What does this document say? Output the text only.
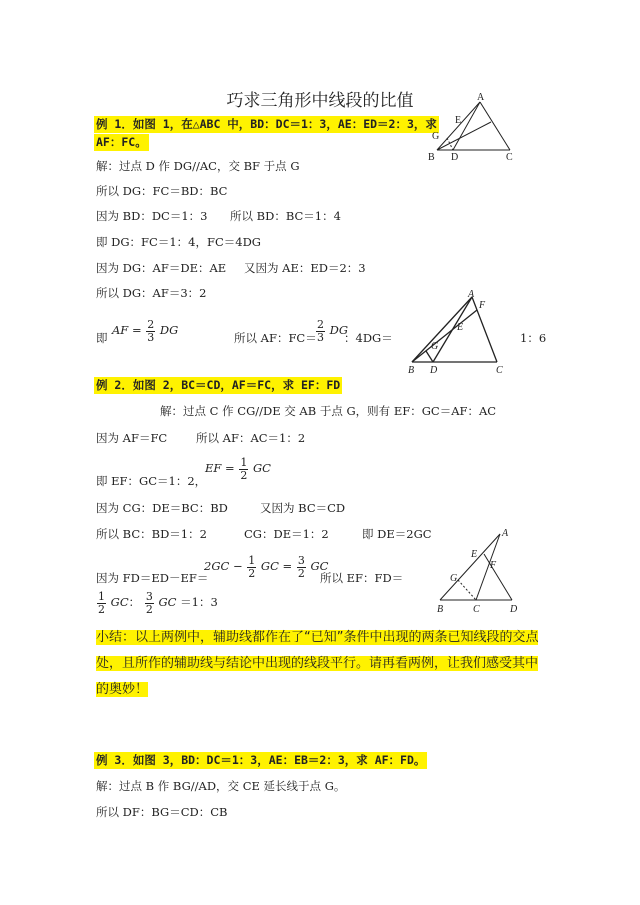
巧求三角形中线段的比值
例 1．如图 1，在△ABC 中，BD：DC＝1：3，AE：ED＝2：3，求
AF：FC。
A
E
G
B D	C
解：过点 D 作 DG//AC，交 BF 于点 G
所以 DG：FC＝BD：BC
因为 BD：DC＝1：3 所以 BD：BC＝1：4
即 DG：FC＝1：4，FC＝4DG
因为 DG：AF＝DE：AE 又因为 AE：ED＝2：3
所以 DG：AF＝3：2
即
AF = $\frac{2}{3}$ DG
所以 AF：$FC= \frac{2}{3}$ DG
：4DG＝	1：6
A
F
E
G
B D	C
例 2．如图 2，BC＝CD，AF＝FC，求 EF：FD
解：过点 C 作 CG//DE 交 AB 于点 G，则有 EF：GC＝AF：AC
因为 AF＝FC	所以 AF：AC＝1：2
EF = $\frac{1}{2}$ GC
即 EF：GC＝1：2，
因为 CG：DE＝BC：BD	又因为 BC＝CD
所以 BC：BD＝1：2	CG：DE＝1：2	即 DE＝2GC
因为 FD＝ED－EF＝
$2GC - \frac{1}{2}$ GC = $\frac{3}{2}$ GC
所以 EF：FD＝
$\frac{1}{2}$ GC： $\frac{3}{2}$ GC ＝1：3
A
E
F
G
B	C	D
小结：以上两例中，辅助线都作在了“已知”条件中出现的两条已知线段的交点处，且所作的辅助线与结论中出现的线段平行。请再看两例，让我们感受其中的奥妙！
例 3．如图 3，BD：DC＝1：3，AE：EB＝2：3，求 AF：FD。
解：过点 B 作 BG//AD，交 CE 延长线于点 G。
所以 DF：BG＝CD：CB
